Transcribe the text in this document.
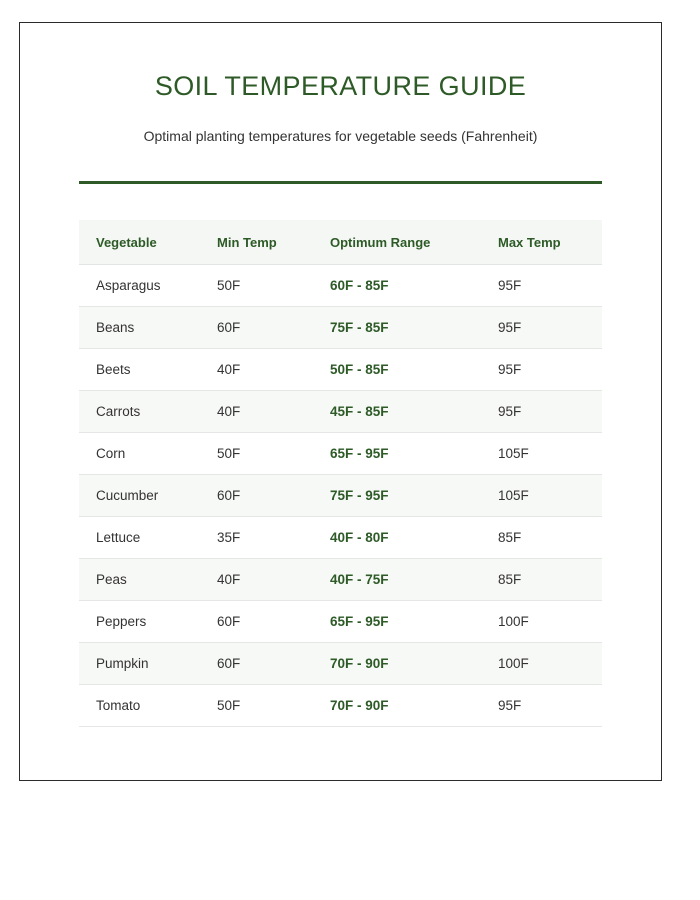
SOIL TEMPERATURE GUIDE

Optimal planting temperatures for vegetable seeds (Fahrenheit)

Vegetable	Min Temp	Optimum Range	Max Temp
Asparagus	50F	60F - 85F	95F
Beans	60F	75F - 85F	95F
Beets	40F	50F - 85F	95F
Carrots	40F	45F - 85F	95F
Corn	50F	65F - 95F	105F
Cucumber	60F	75F - 95F	105F
Lettuce	35F	40F - 80F	85F
Peas	40F	40F - 75F	85F
Peppers	60F	65F - 95F	100F
Pumpkin	60F	70F - 90F	100F
Tomato	50F	70F - 90F	95F
